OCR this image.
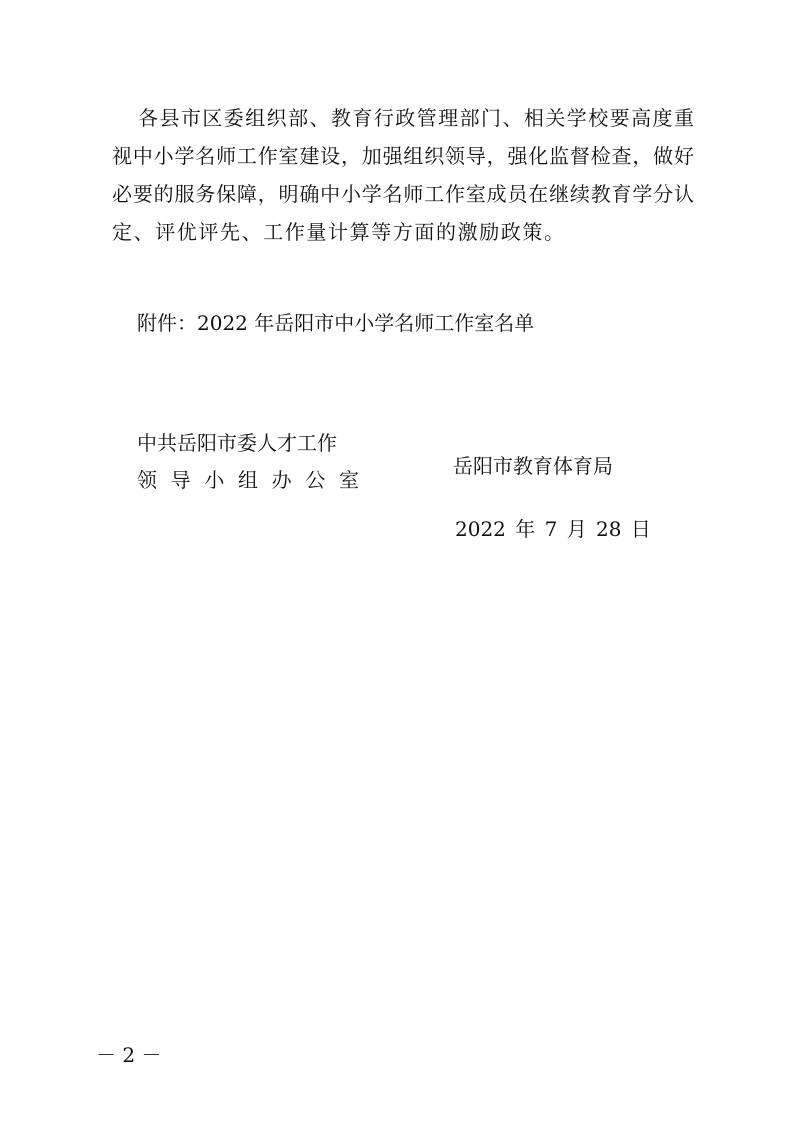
各县市区委组织部、教育行政管理部门、相关学校要高度重
视中小学名师工作室建设，加强组织领导，强化监督检查，做好
必要的服务保障，明确中小学名师工作室成员在继续教育学分认
定、评优评先、工作量计算等方面的激励政策。
附件：2022 年岳阳市中小学名师工作室名单
中共岳阳市委人才工作
领导小组办公室
岳阳市教育体育局
2022 年 7 月 28 日
－ 2 －
